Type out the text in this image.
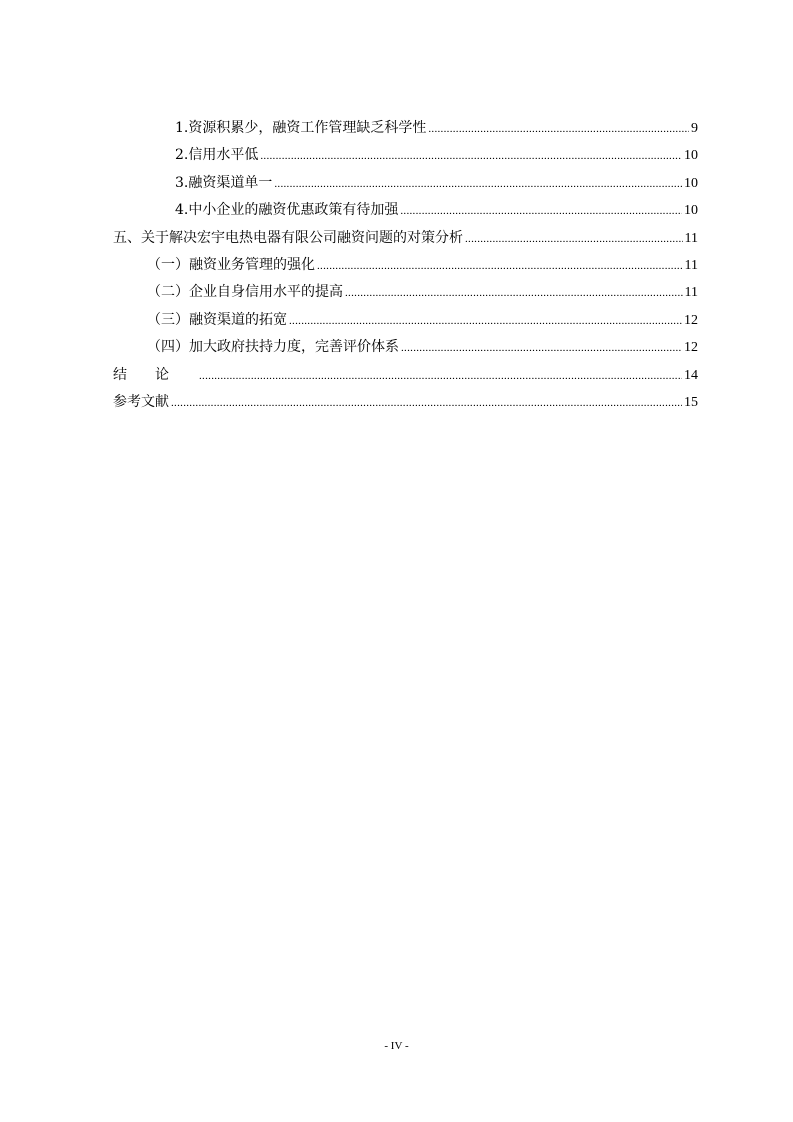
1.资源积累少，融资工作管理缺乏科学性 .....	9
2.信用水平低 .....	10
3.融资渠道单一 .....	10
4.中小企业的融资优惠政策有待加强 .....	10
五、关于解决宏宇电热电器有限公司融资问题的对策分析 .....	11
（一）融资业务管理的强化 .....	11
（二）企业自身信用水平的提高 .....	11
（三）融资渠道的拓宽 .....	12
（四）加大政府扶持力度，完善评价体系 .....	12
结论 .....	14
参考文献 .....	15
- IV -
